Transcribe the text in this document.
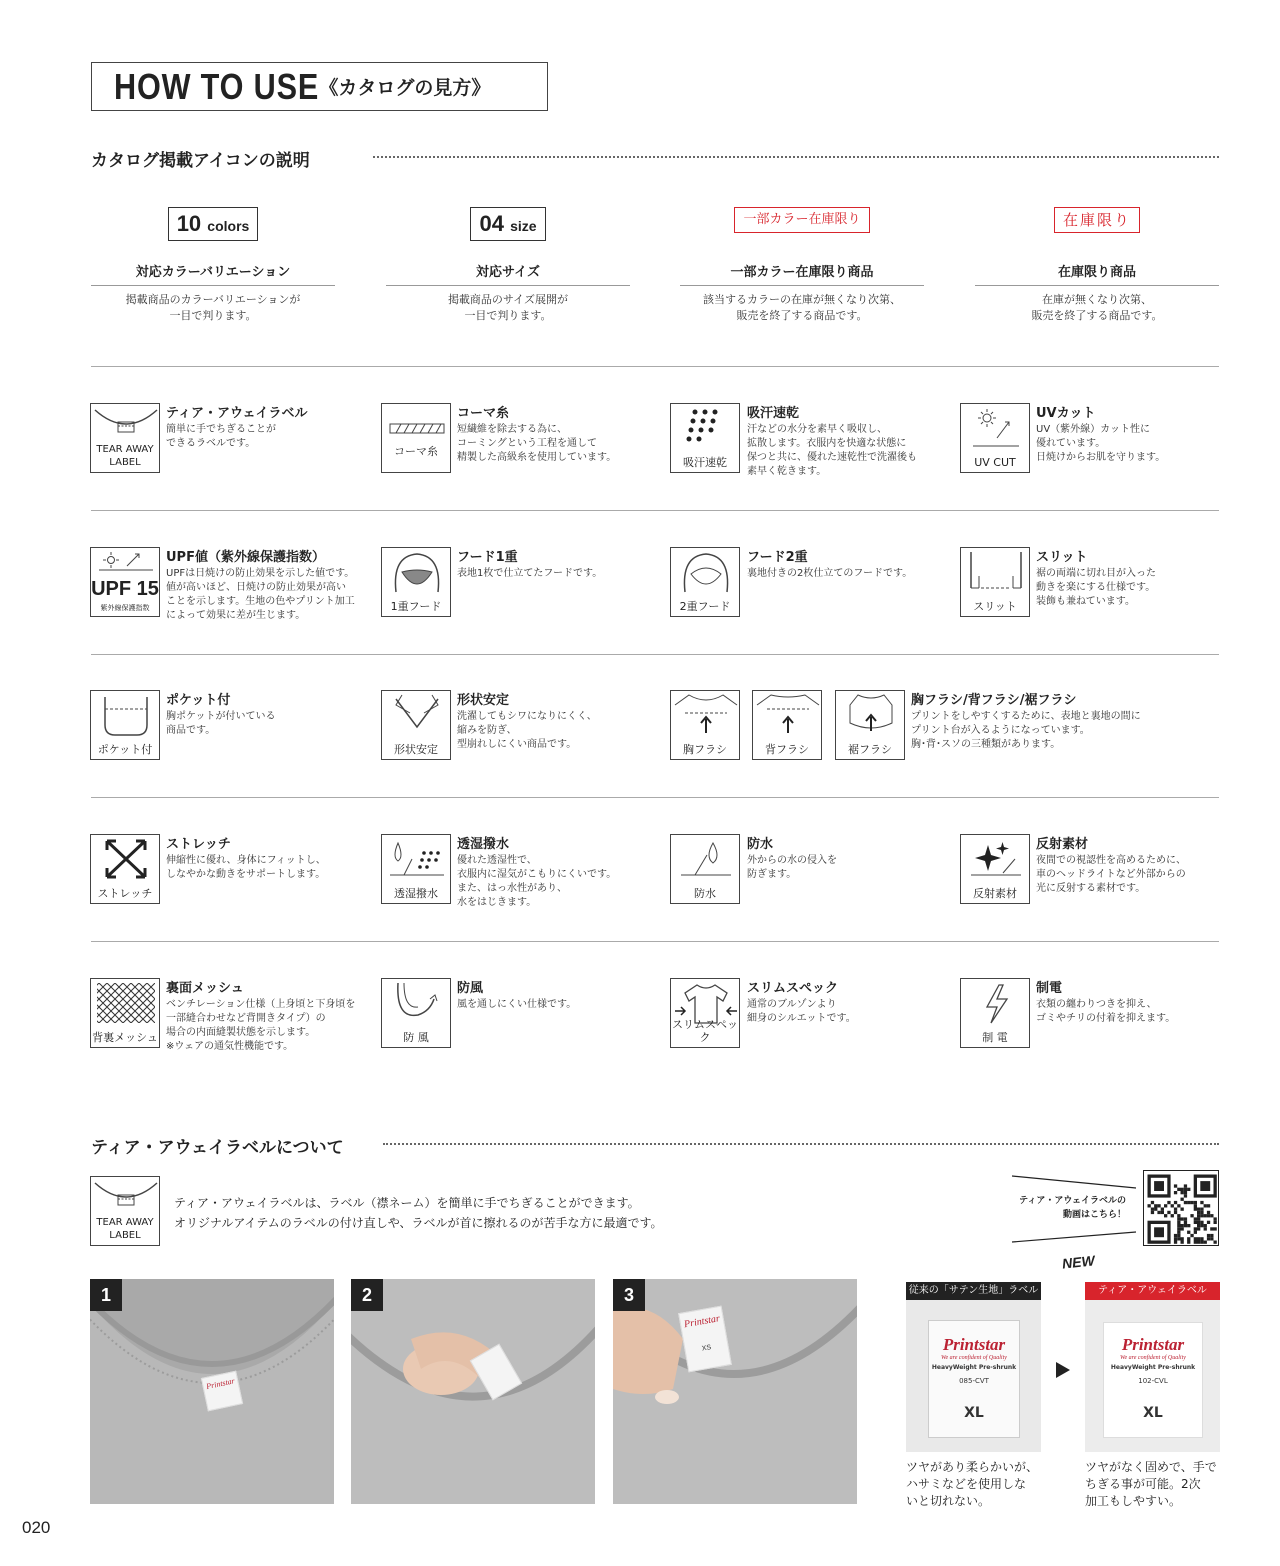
HOW TO USE 《カタログの見方》
カタログ掲載アイコンの説明
10 colors
対応カラーバリエーション
掲載商品のカラーバリエーションが
一目で判ります。
04 size
対応サイズ
掲載商品のサイズ展開が
一目で判ります。
一部カラー在庫限り
一部カラー在庫限り商品
該当するカラーの在庫が無くなり次第、
販売を終了する商品です。
在庫限り
在庫限り商品
在庫が無くなり次第、
販売を終了する商品です。
TEAR AWAY
LABEL
ティア・アウェイラベル
簡単に手でちぎることが
できるラベルです。
コーマ糸
コーマ糸
短繊維を除去する為に、
コーミングという工程を通して
精製した高級糸を使用しています。	吸汗速乾
吸汗速乾
汗などの水分を素早く吸収し、
拡散します。衣服内を快適な状態に
保つと共に、優れた速乾性で洗濯後も
素早く乾きます。
UV CUT
UVカット
UV（紫外線）カット性に
優れています。
日焼けからお肌を守ります。
UPF 15
紫外線保護指数
UPF値（紫外線保護指数）
UPFは日焼けの防止効果を示した値です。
値が高いほど、日焼けの防止効果が高い
ことを示します。生地の色やプリント加工
によって効果に差が生じます。
1重フード
フード1重
表地1枚で仕立てたフードです。
2重フード
フード2重
裏地付きの2枚仕立てのフードです。
スリット
スリット
裾の両端に切れ目が入った
動きを楽にする仕様です。
装飾も兼ねています。
ポケット付
ポケット付
胸ポケットが付いている
商品です。
形状安定
形状安定
洗濯してもシワになりにくく、
縮みを防ぎ、
型崩れしにくい商品です。	胸フラシ	背フラシ	裾フラシ
胸フラシ/背フラシ/裾フラシ
プリントをしやすくするために、表地と裏地の間に
プリント台が入るようになっています。
胸･背･スソの三種類があります。
ストレッチ
ストレッチ
伸縮性に優れ、身体にフィットし、
しなやかな動きをサポートします。
透湿撥水
透湿撥水
優れた透湿性で、
衣服内に湿気がこもりにくいです。
また、はっ水性があり、
水をはじきます。
防水
防水
外からの水の侵入を
防ぎます。
反射素材
反射素材
夜間での視認性を高めるために、
車のヘッドライトなど外部からの
光に反射する素材です。
背裏メッシュ
裏面メッシュ
ベンチレーション仕様（上身頃と下身頃を
一部縫合わせなど背開きタイプ）の
場合の内面縫製状態を示します。
※ウェアの通気性機能です。
防 風
防風
風を通しにくい仕様です。
スリムスペック
スリムスペック
通常のブルゾンより
細身のシルエットです。
制 電
制電
衣類の纏わりつきを抑え、
ゴミやチリの付着を抑えます。
ティア・アウェイラベルについて
TEAR AWAY
LABEL
ティア・アウェイラベルは、ラベル（襟ネーム）を簡単に手でちぎることができます。
オリジナルアイテムのラベルの付け直しや、ラベルが首に擦れるのが苦手な方に最適です。
ティア・アウェイラベルの
動画はこちら！
Printstar
1	2
Printstar
XS
3
NEW
従来の「サテン生地」ラベル
Printstar
We are confident of Quality
HeavyWeight Pre-shrunk
085-CVT
XL
ツヤがあり柔らかいが、
ハサミなどを使用しな
いと切れない。
ティア・アウェイラベル
Printstar
We are confident of Quality
HeavyWeight Pre-shrunk
102-CVL
XL
ツヤがなく固めで、手で
ちぎる事が可能。2次
加工もしやすい。
020
